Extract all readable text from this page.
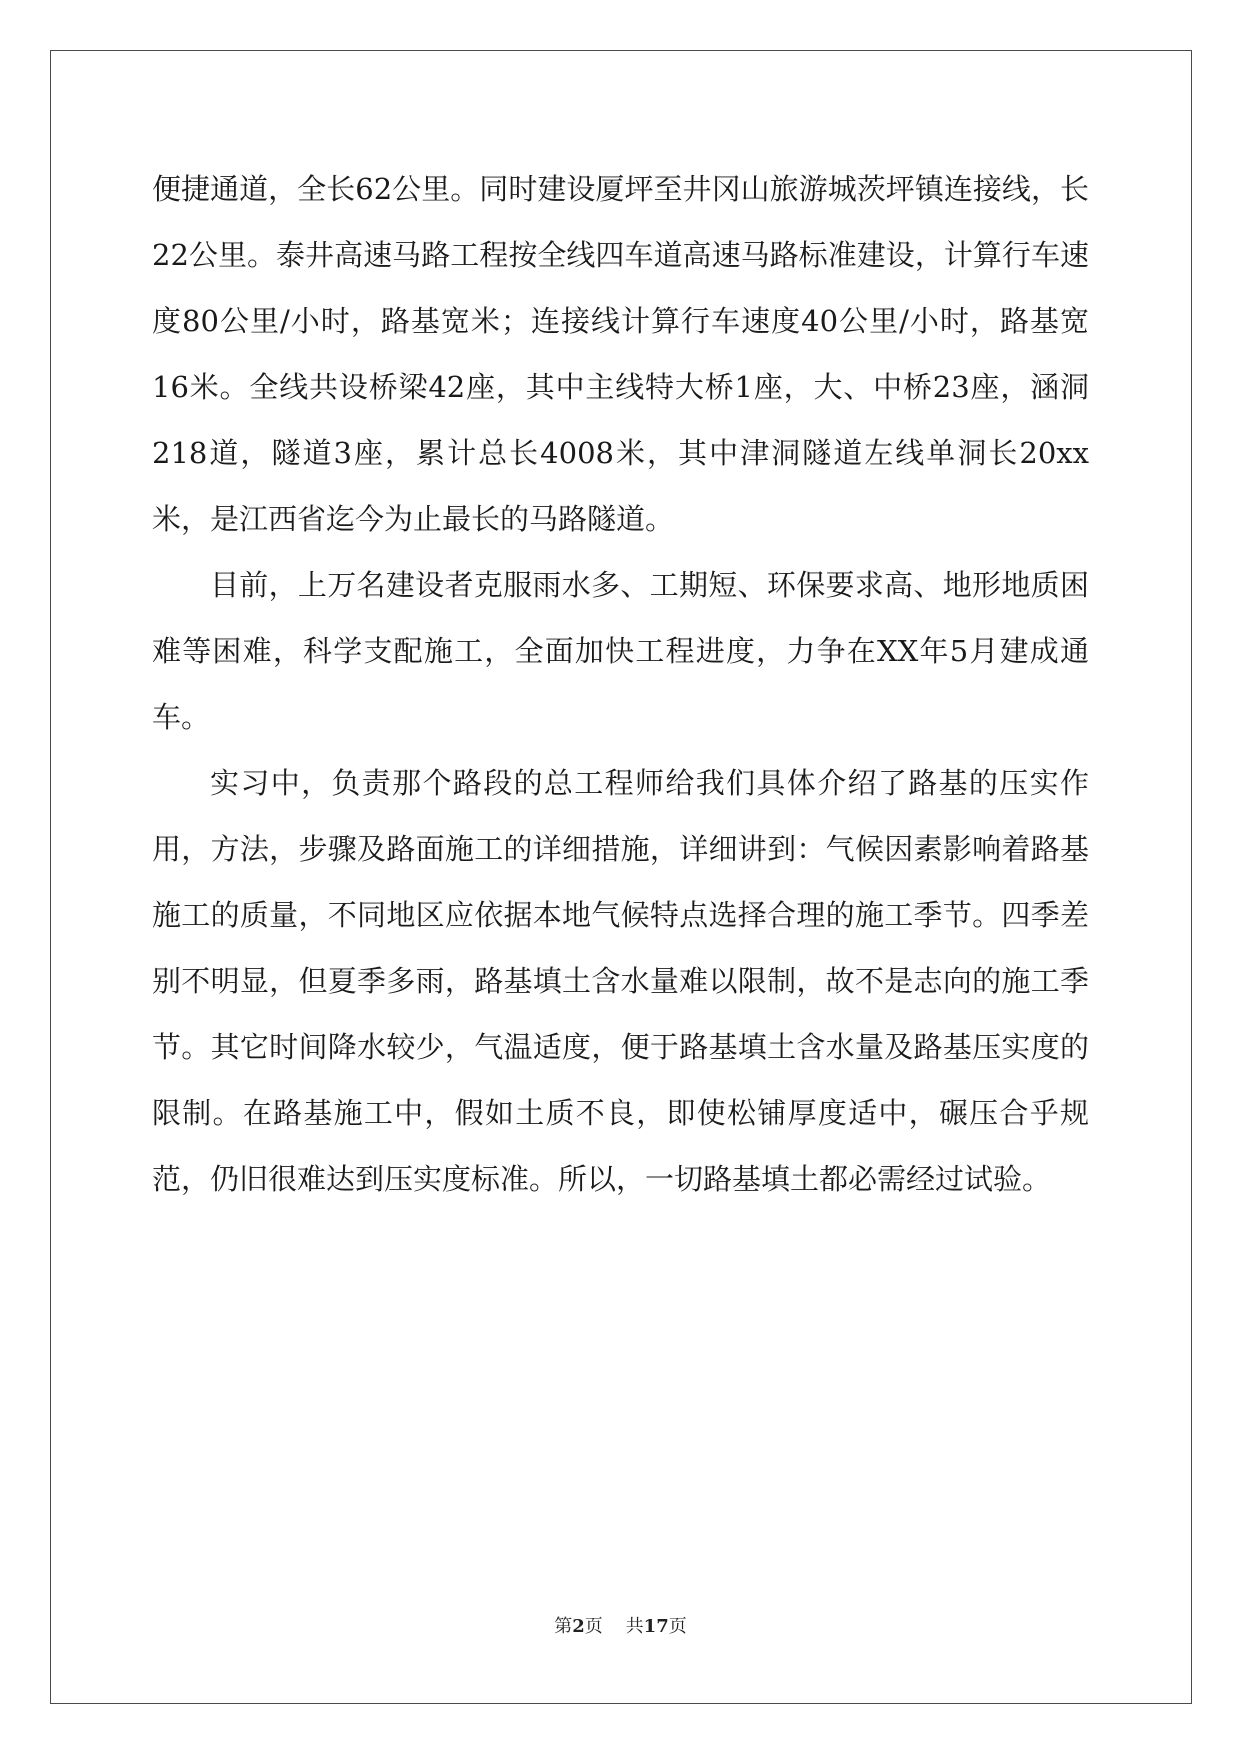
便捷通道，全长62公里。同时建设厦坪至井冈山旅游城茨坪镇连接线，长22公里。泰井高速马路工程按全线四车道高速马路标准建设，计算行车速度80公里/小时，路基宽米；连接线计算行车速度40公里/小时，路基宽16米。全线共设桥梁42座，其中主线特大桥1座，大、中桥23座，涵洞218道，隧道3座，累计总长4008米，其中津洞隧道左线单洞长20xx米，是江西省迄今为止最长的马路隧道。

目前，上万名建设者克服雨水多、工期短、环保要求高、地形地质困难等困难，科学支配施工，全面加快工程进度，力争在XX年5月建成通车。

实习中，负责那个路段的总工程师给我们具体介绍了路基的压实作用，方法，步骤及路面施工的详细措施，详细讲到：气候因素影响着路基施工的质量，不同地区应依据本地气候特点选择合理的施工季节。四季差别不明显，但夏季多雨，路基填土含水量难以限制，故不是志向的施工季节。其它时间降水较少，气温适度，便于路基填土含水量及路基压实度的限制。在路基施工中，假如土质不良，即使松铺厚度适中，碾压合乎规范，仍旧很难达到压实度标准。所以，一切路基填土都必需经过试验。

第2页 共17页
